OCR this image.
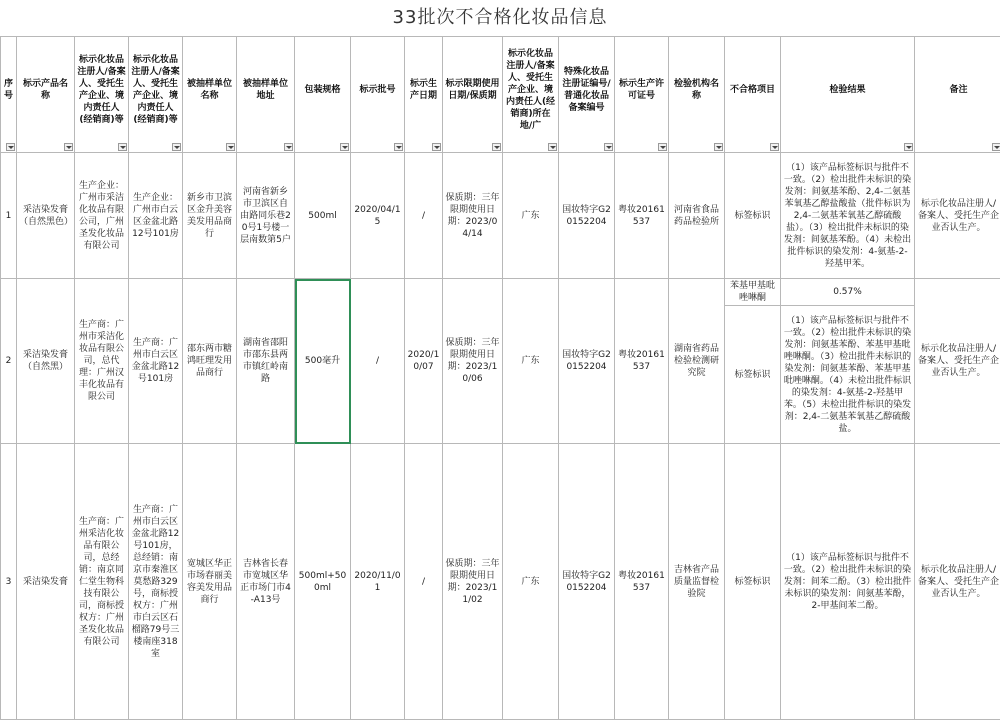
33批次不合格化妆品信息
序号	标示产品名称	标示化妆品注册人/备案人、受托生产企业、境内责任人(经销商)等	标示化妆品注册人/备案人、受托生产企业、境内责任人(经销商)等	被抽样单位名称	被抽样单位地址	包装规格	标示批号	标示生产日期	标示限期使用日期/保质期	标示化妆品注册人/备案人、受托生产企业、境内责任人(经销商)所在地/广	特殊化妆品注册证编号/普通化妆品备案编号	标示生产许可证号	检验机构名称	不合格项目	检验结果	备注

1	采洁染发膏（自然黑色）	生产企业：广州市采洁化妆品有限公司，广州圣发化妆品有限公司	生产企业：广州市白云区金盆北路12号101房	新乡市卫滨区金升美容美发用品商行	河南省新乡市卫滨区自由路同乐巷20号1号楼一层南数第5户	500ml	2020/04/15	/	保质期：三年 限期使用日期：2023/04/14	广东	国妆特字G20152204	粤妆20161537	河南省食品药品检验所	标签标识	（1）该产品标签标识与批件不一致。（2）检出批件未标识的染发剂：间氨基苯酚、2,4-二氨基苯氧基乙醇盐酸盐（批件标识为2,4-二氨基苯氧基乙醇硫酸盐）。（3）检出批件未标识的染发剂：间氨基苯酚。（4）未检出批件标识的染发剂：4-氨基-2-羟基甲苯。	标示化妆品注册人/备案人、受托生产企业否认生产。
2	采洁染发膏（自然黑）	生产商：广州市采洁化妆品有限公司，总代理：广州汉丰化妆品有限公司	生产商：广州市白云区金盆北路12号101房	邵东两市糖鸿旺理发用品商行	湖南省邵阳市邵东县两市镇红岭南路	500毫升	/	2020/10/07	保质期：三年 限期使用日期：2023/10/06	广东	国妆特字G20152204	粤妆20161537	湖南省药品检验检测研究院	苯基甲基吡唑啉酮	0.57%	标示化妆品注册人/备案人、受托生产企业否认生产。
														标签标识	（1）该产品标签标识与批件不一致。（2）检出批件未标识的染发剂：间氨基苯酚、苯基甲基吡唑啉酮。（3）检出批件未标识的染发剂：间氨基苯酚、苯基甲基吡唑啉酮。（4）未检出批件标识的染发剂：4-氨基-2-羟基甲苯。（5）未检出批件标识的染发剂：2,4-二氨基苯氧基乙醇硫酸盐。	
3	采洁染发膏	生产商：广州采洁化妆品有限公司，总经销：南京同仁堂生物科技有限公司，商标授权方：广州圣发化妆品有限公司	生产商：广州市白云区金盆北路12号101房，总经销：南京市秦淮区莫愁路329号，商标授权方：广州市白云区石榴路79号三楼南座318室	宽城区华正市场春丽美容美发用品商行	吉林省长春市宽城区华正市场门市4-A13号	500ml+500ml	2020/11/01	/	保质期：三年 限期使用日期：2023/11/02	广东	国妆特字G20152204	粤妆20161537	吉林省产品质量监督检验院	标签标识	（1）该产品标签标识与批件不一致。（2）检出批件未标识的染发剂：间苯二酚。（3）检出批件未标识的染发剂：间氨基苯酚，2-甲基间苯二酚。	标示化妆品注册人/备案人、受托生产企业否认生产。
